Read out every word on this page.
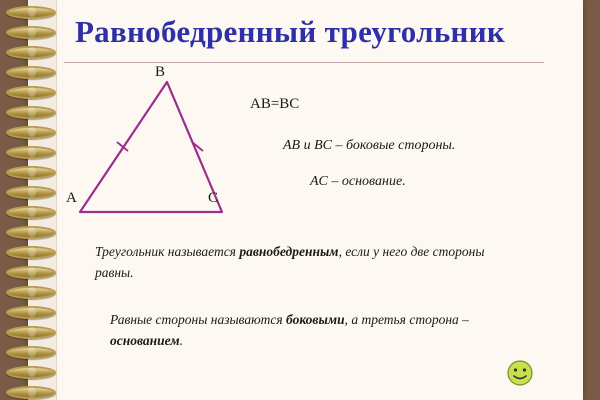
Равнобедренный треугольник
B
A	C
AB=BC
AB и BC – боковые стороны.
AC – основание.
Треугольник называется равнобедренным, если у него две стороны равны.
Равные стороны называются боковыми, а третья сторона – основанием.
